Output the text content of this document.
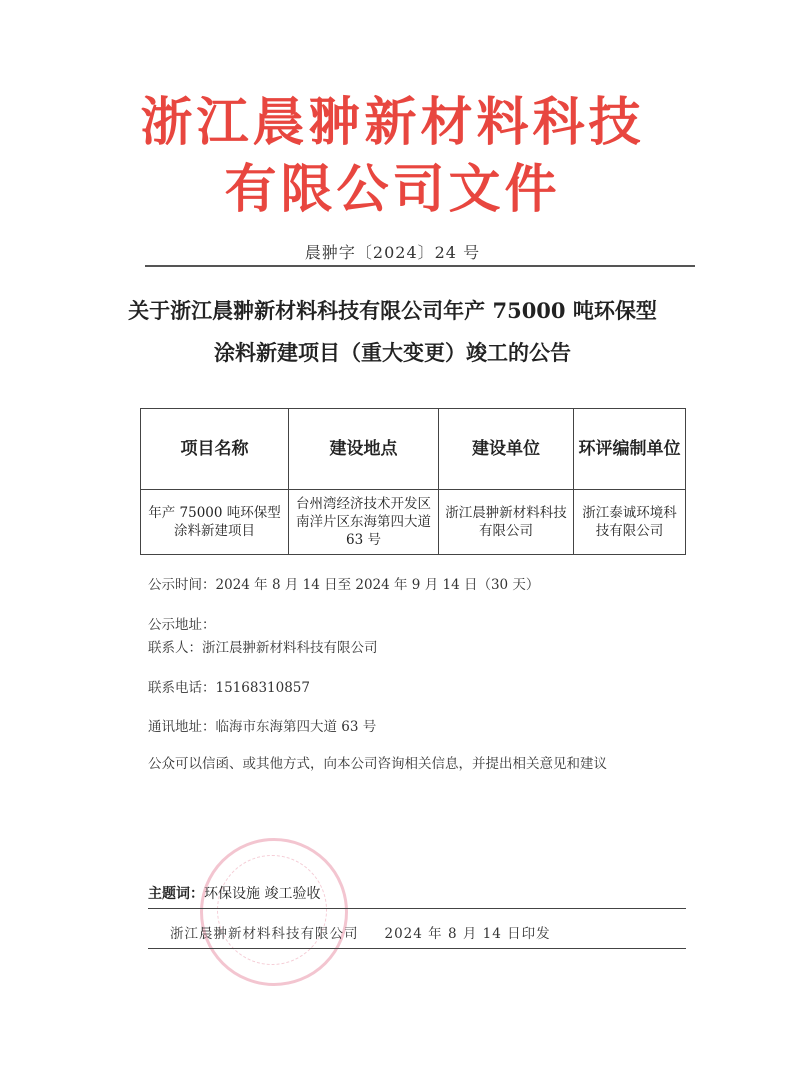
浙江晨翀新材料科技
有限公司文件
晨翀字〔2024〕24 号
关于浙江晨翀新材料科技有限公司年产 75000 吨环保型
涂料新建项目（重大变更）竣工的公告
项目名称	建设地点	建设单位	环评编制单位
年产 75000 吨环保型涂料新建项目	台州湾经济技术开发区南洋片区东海第四大道 63 号	浙江晨翀新材料科技有限公司	浙江泰诚环境科技有限公司
公示时间：2024 年 8 月 14 日至 2024 年 9 月 14 日（30 天）
公示地址：
联系人：浙江晨翀新材料科技有限公司
联系电话：15168310857
通讯地址：临海市东海第四大道 63 号
公众可以信函、或其他方式，向本公司咨询相关信息，并提出相关意见和建议
主题词：环保设施 竣工验收
浙江晨翀新材料科技有限公司 2024 年 8 月 14 日印发
